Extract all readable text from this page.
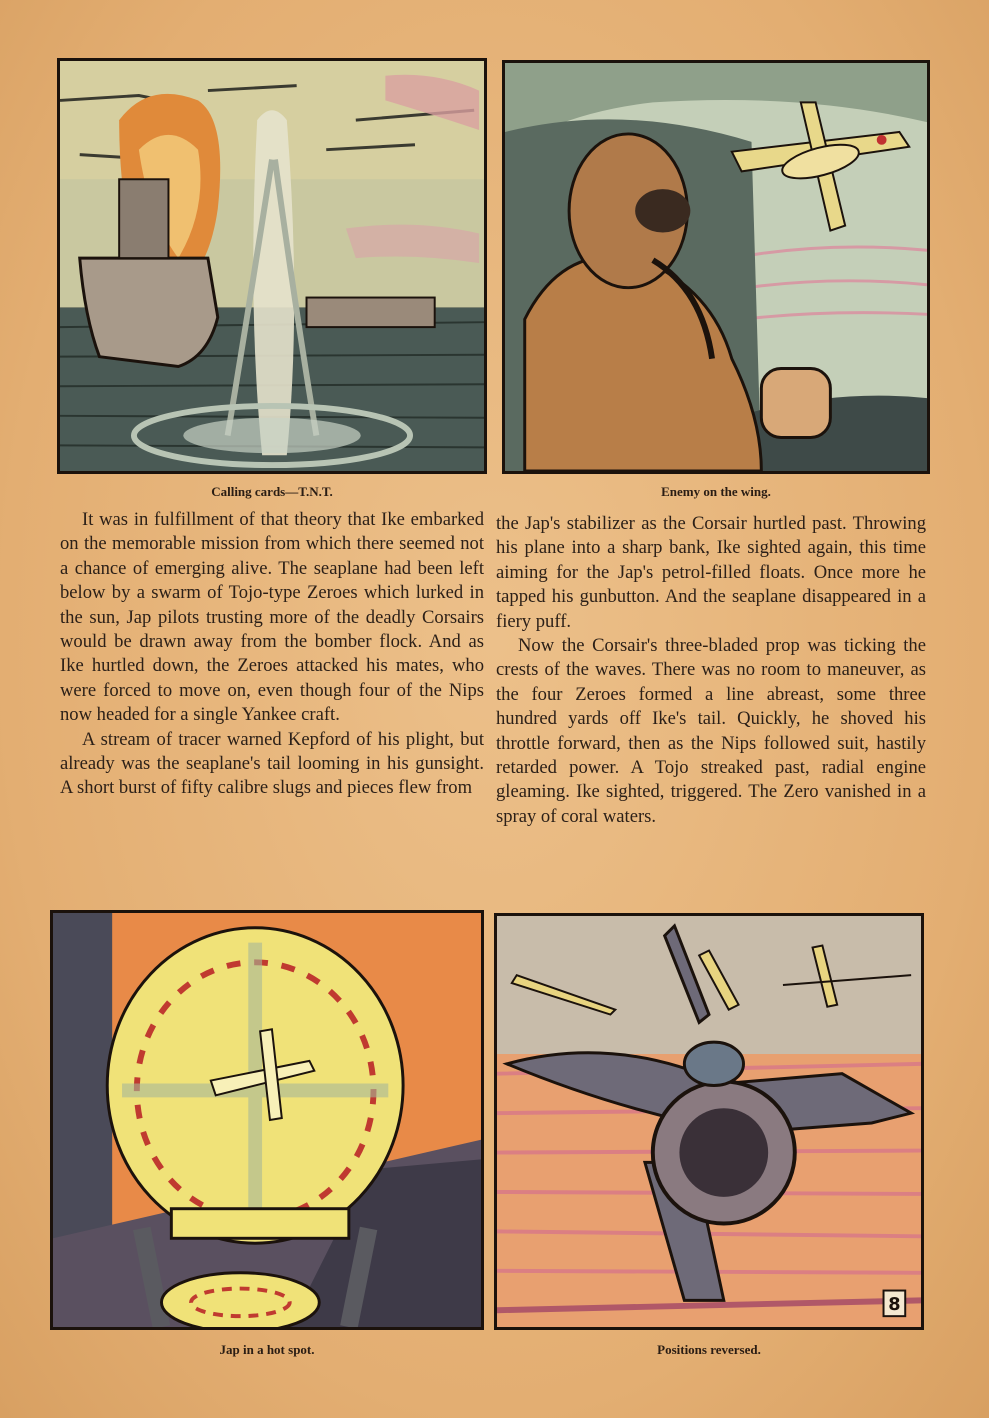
Calling cards—T.N.T.	Enemy on the wing.

It was in fulfillment of that theory that Ike embarked on the memorable mission from which there seemed not a chance of emerging alive. The seaplane had been left below by a swarm of Tojo-type Zeroes which lurked in the sun, Jap pilots trusting more of the deadly Corsairs would be drawn away from the bomber flock. And as Ike hurtled down, the Zeroes attacked his mates, who were forced to move on, even though four of the Nips now headed for a single Yankee craft.

A stream of tracer warned Kepford of his plight, but already was the seaplane's tail looming in his gunsight. A short burst of fifty calibre slugs and pieces flew from

the Jap's stabilizer as the Corsair hurtled past. Throwing his plane into a sharp bank, Ike sighted again, this time aiming for the Jap's petrol-filled floats. Once more he tapped his gunbutton. And the seaplane disappeared in a fiery puff.

Now the Corsair's three-bladed prop was ticking the crests of the waves. There was no room to maneuver, as the four Zeroes formed a line abreast, some three hundred yards off Ike's tail. Quickly, he shoved his throttle forward, then as the Nips followed suit, hastily retarded power. A Tojo streaked past, radial engine gleaming. Ike sighted, triggered. The Zero vanished in a spray of coral waters.

Jap in a hot spot.
8
Positions reversed.
